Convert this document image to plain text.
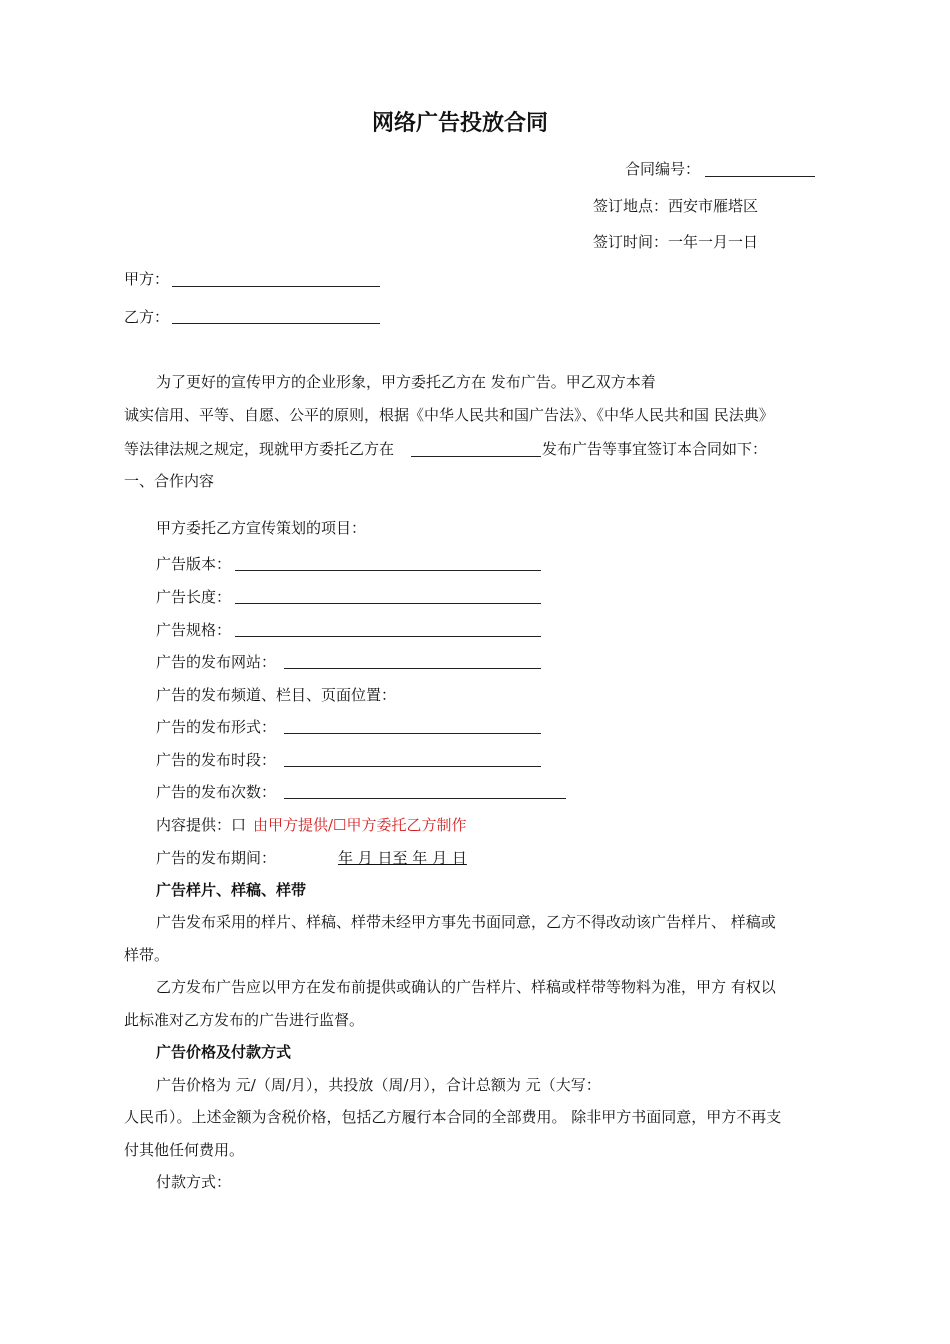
网络广告投放合同
合同编号：
签订地点：西安市雁塔区
签订时间：一年一月一日
甲方：
乙方：
为了更好的宣传甲方的企业形象，甲方委托乙方在 发布广告。甲乙双方本着
诚实信用、平等、自愿、公平的原则，根据《中华人民共和国广告法》、《中华人民共和国 民法典》
等法律法规之规定，现就甲方委托乙方在	发布广告等事宜签订本合同如下：
一、合作内容
甲方委托乙方宣传策划的项目：
广告版本：
广告长度：
广告规格：
广告的发布网站：
广告的发布频道、栏目、页面位置：
广告的发布形式：
广告的发布时段：
广告的发布次数：
内容提供：口 由甲方提供/☐甲方委托乙方制作
广告的发布期间：	年 月 日至 年 月 日
广告样片、样稿、样带
广告发布采用的样片、样稿、样带未经甲方事先书面同意，乙方不得改动该广告样片、 样稿或
样带。
乙方发布广告应以甲方在发布前提供或确认的广告样片、样稿或样带等物料为准，甲方 有权以
此标准对乙方发布的广告进行监督。
广告价格及付款方式
广告价格为 元/（周/月），共投放（周/月），合计总额为 元（大写：
人民币）。上述金额为含税价格，包括乙方履行本合同的全部费用。 除非甲方书面同意，甲方不再支
付其他任何费用。
付款方式：
